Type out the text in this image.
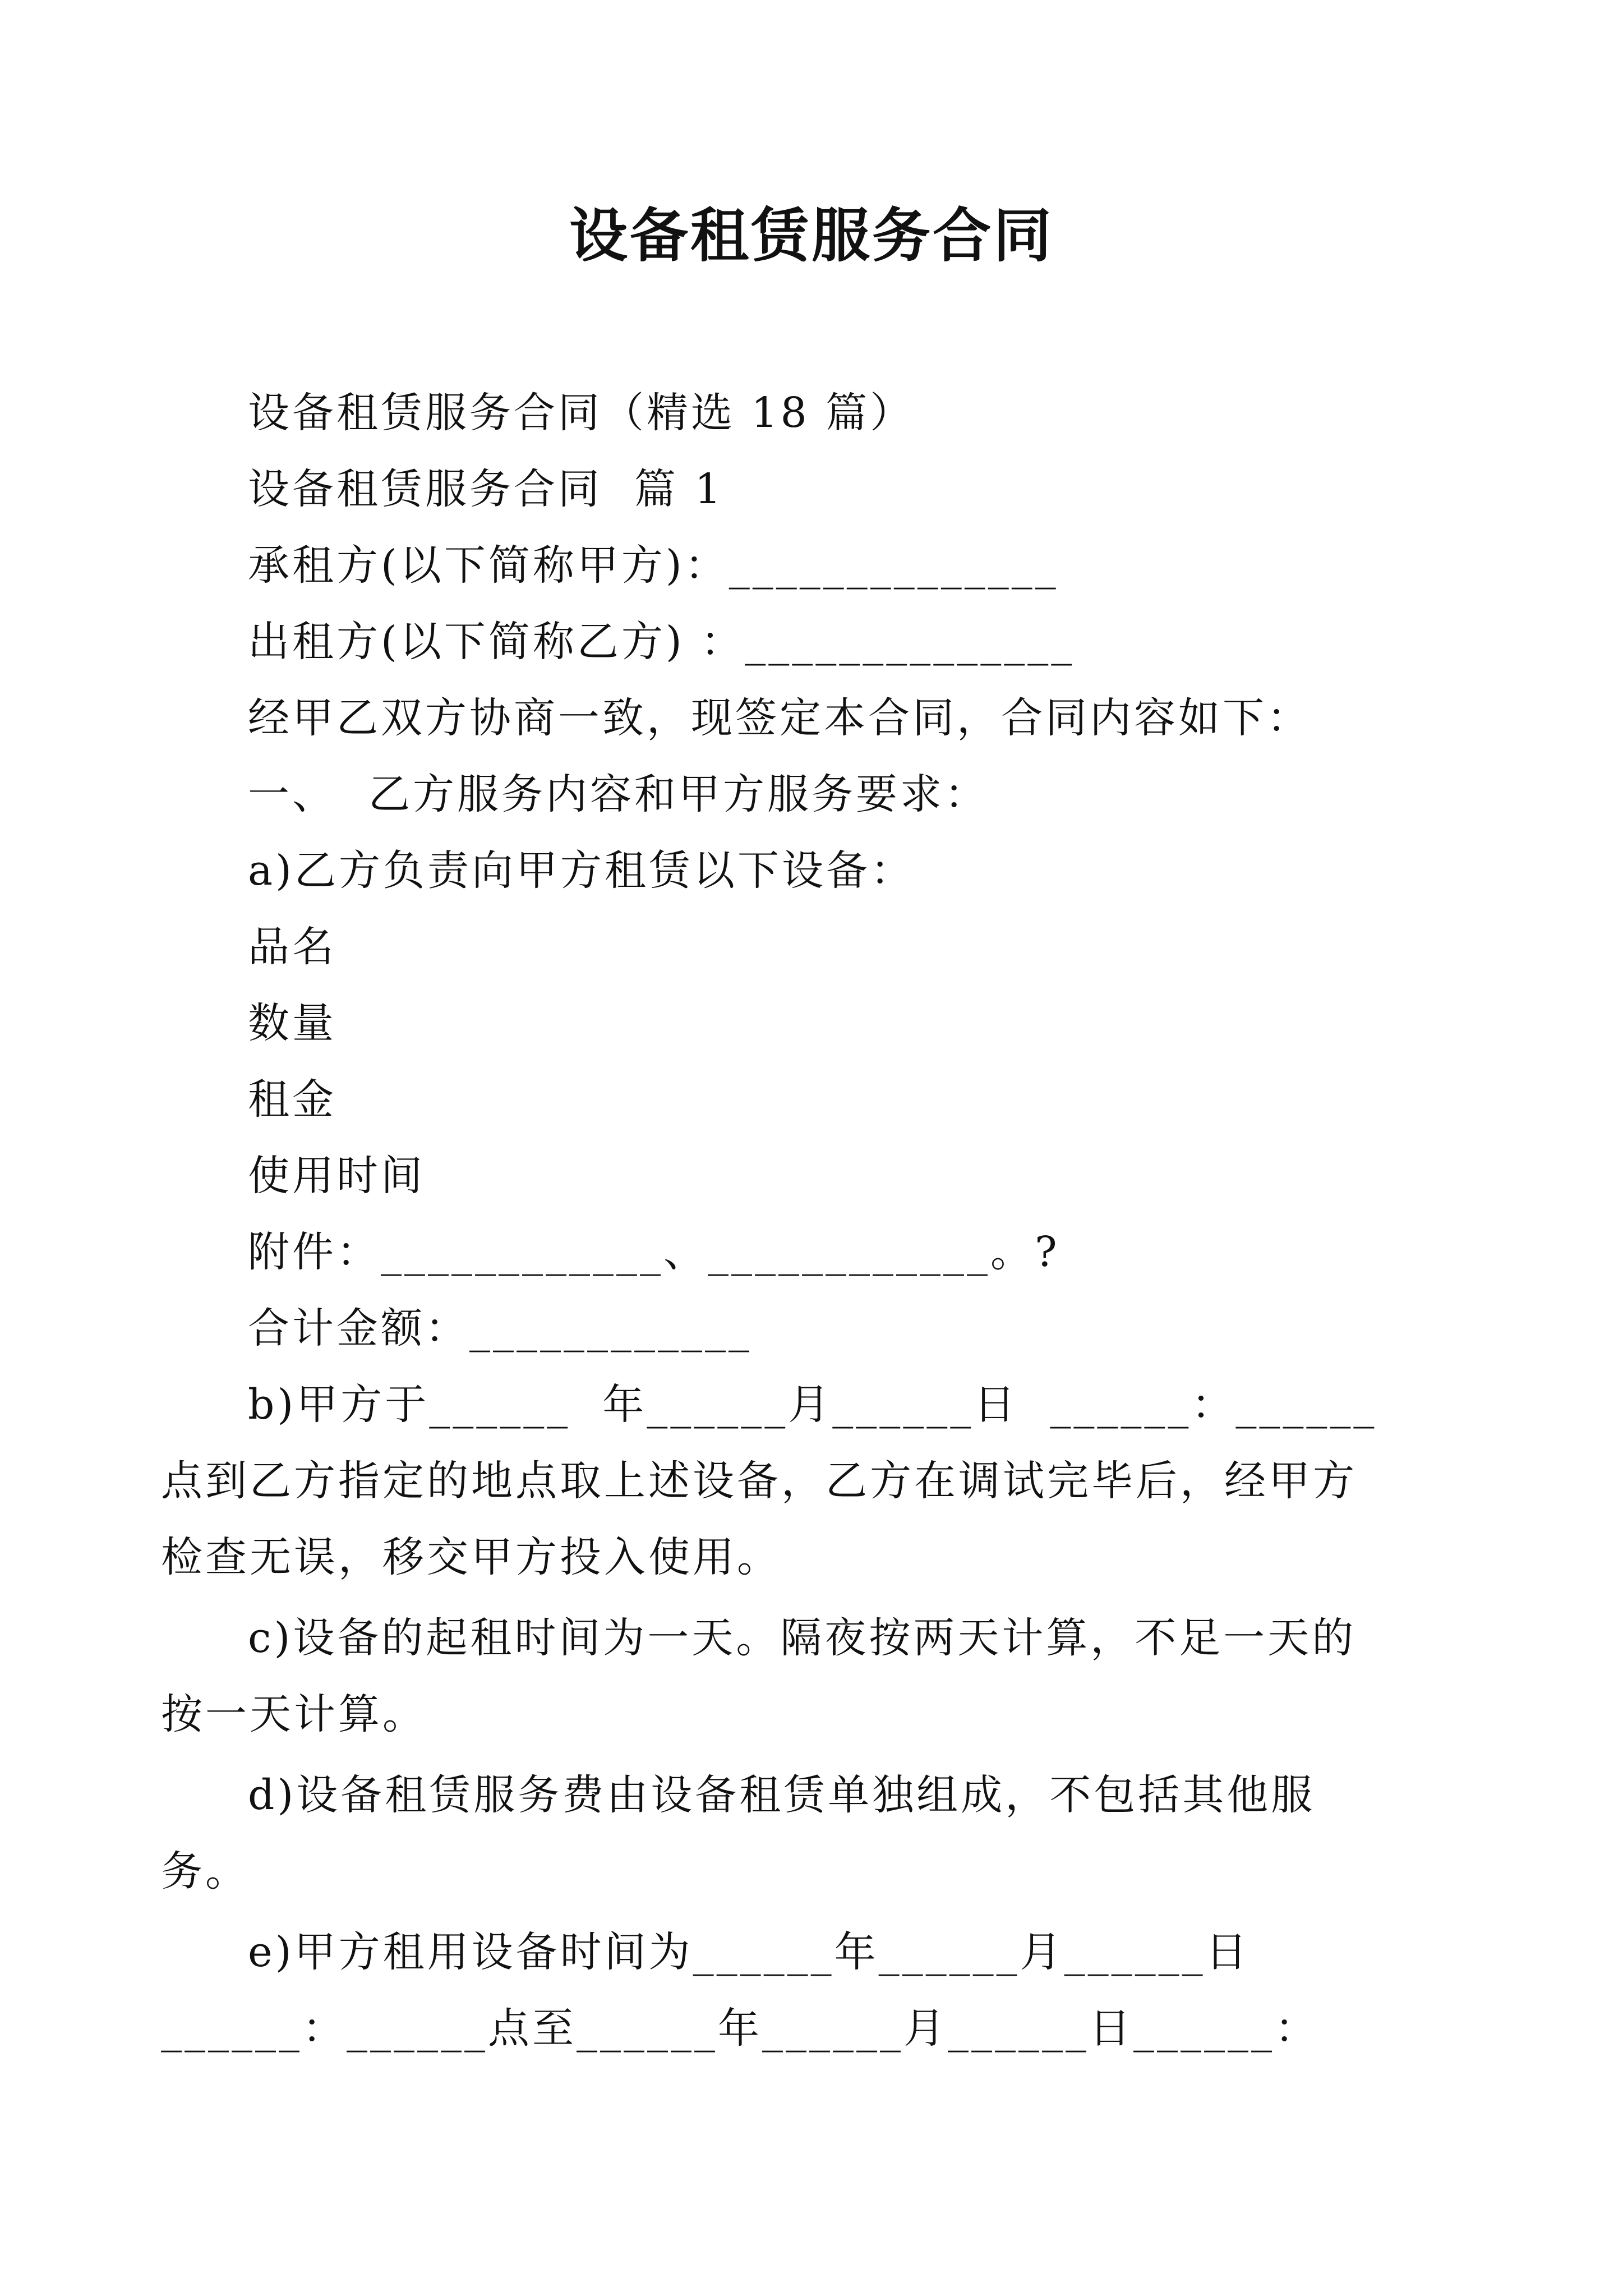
设备租赁服务合同

设备租赁服务合同（精选 18 篇）

设备租赁服务合同  篇 1

承租方(以下简称甲方)：______________

出租方(以下简称乙方) ：______________

经甲乙双方协商一致，现签定本合同，合同内容如下：

一、  乙方服务内容和甲方服务要求：

a)乙方负责向甲方租赁以下设备：

品名

数量

租金

使用时间

附件：____________、____________。?

合计金额：____________

b)甲方于______  年______月______日  ______：______点到乙方指定的地点取上述设备，乙方在调试完毕后，经甲方检查无误，移交甲方投入使用。

c)设备的起租时间为一天。隔夜按两天计算，不足一天的按一天计算。

d)设备租赁服务费由设备租赁单独组成，不包括其他服务。

e)甲方租用设备时间为______年______月______日______：______点至______年______月______日______：
